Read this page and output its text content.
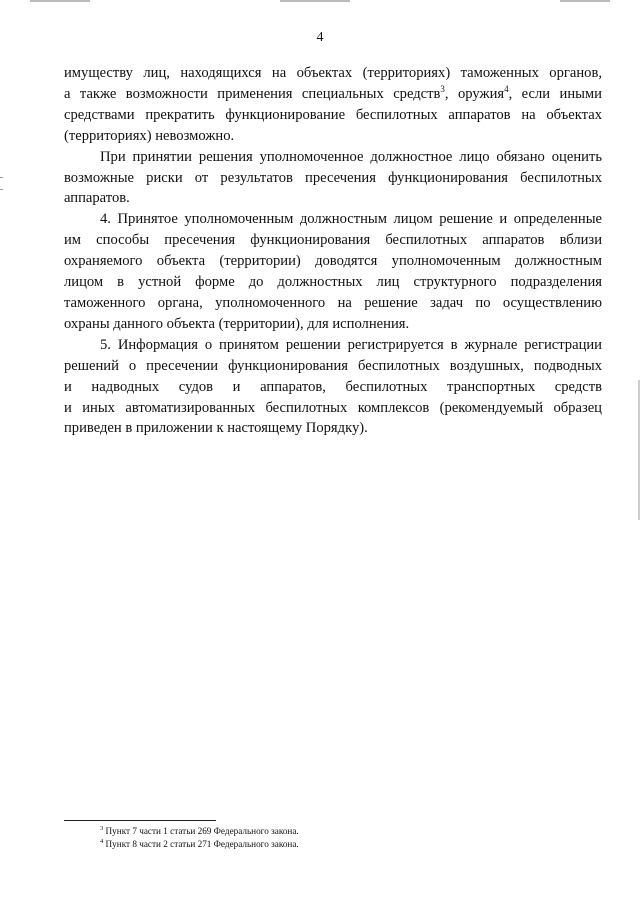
4
имуществу лиц, находящихся на объектах (территориях) таможенных органов,
а также возможности применения специальных средств$^3$, оружия$^4$, если иными
средствами прекратить функционирование беспилотных аппаратов на объектах
(территориях) невозможно.
При принятии решения уполномоченное должностное лицо обязано оценить
возможные риски от результатов пресечения функционирования беспилотных
аппаратов.
4. Принятое уполномоченным должностным лицом решение и определенные
им способы пресечения функционирования беспилотных аппаратов вблизи
охраняемого объекта (территории) доводятся уполномоченным должностным
лицом в устной форме до должностных лиц структурного подразделения
таможенного органа, уполномоченного на решение задач по осуществлению
охраны данного объекта (территории), для исполнения.
5. Информация о принятом решении регистрируется в журнале регистрации
решений о пресечении функционирования беспилотных воздушных, подводных
и надводных судов и аппаратов, беспилотных транспортных средств
и иных автоматизированных беспилотных комплексов (рекомендуемый образец
приведен в приложении к настоящему Порядку).
$^3$ Пункт 7 части 1 статьи 269 Федерального закона.
$^4$ Пункт 8 части 2 статьи 271 Федерального закона.
